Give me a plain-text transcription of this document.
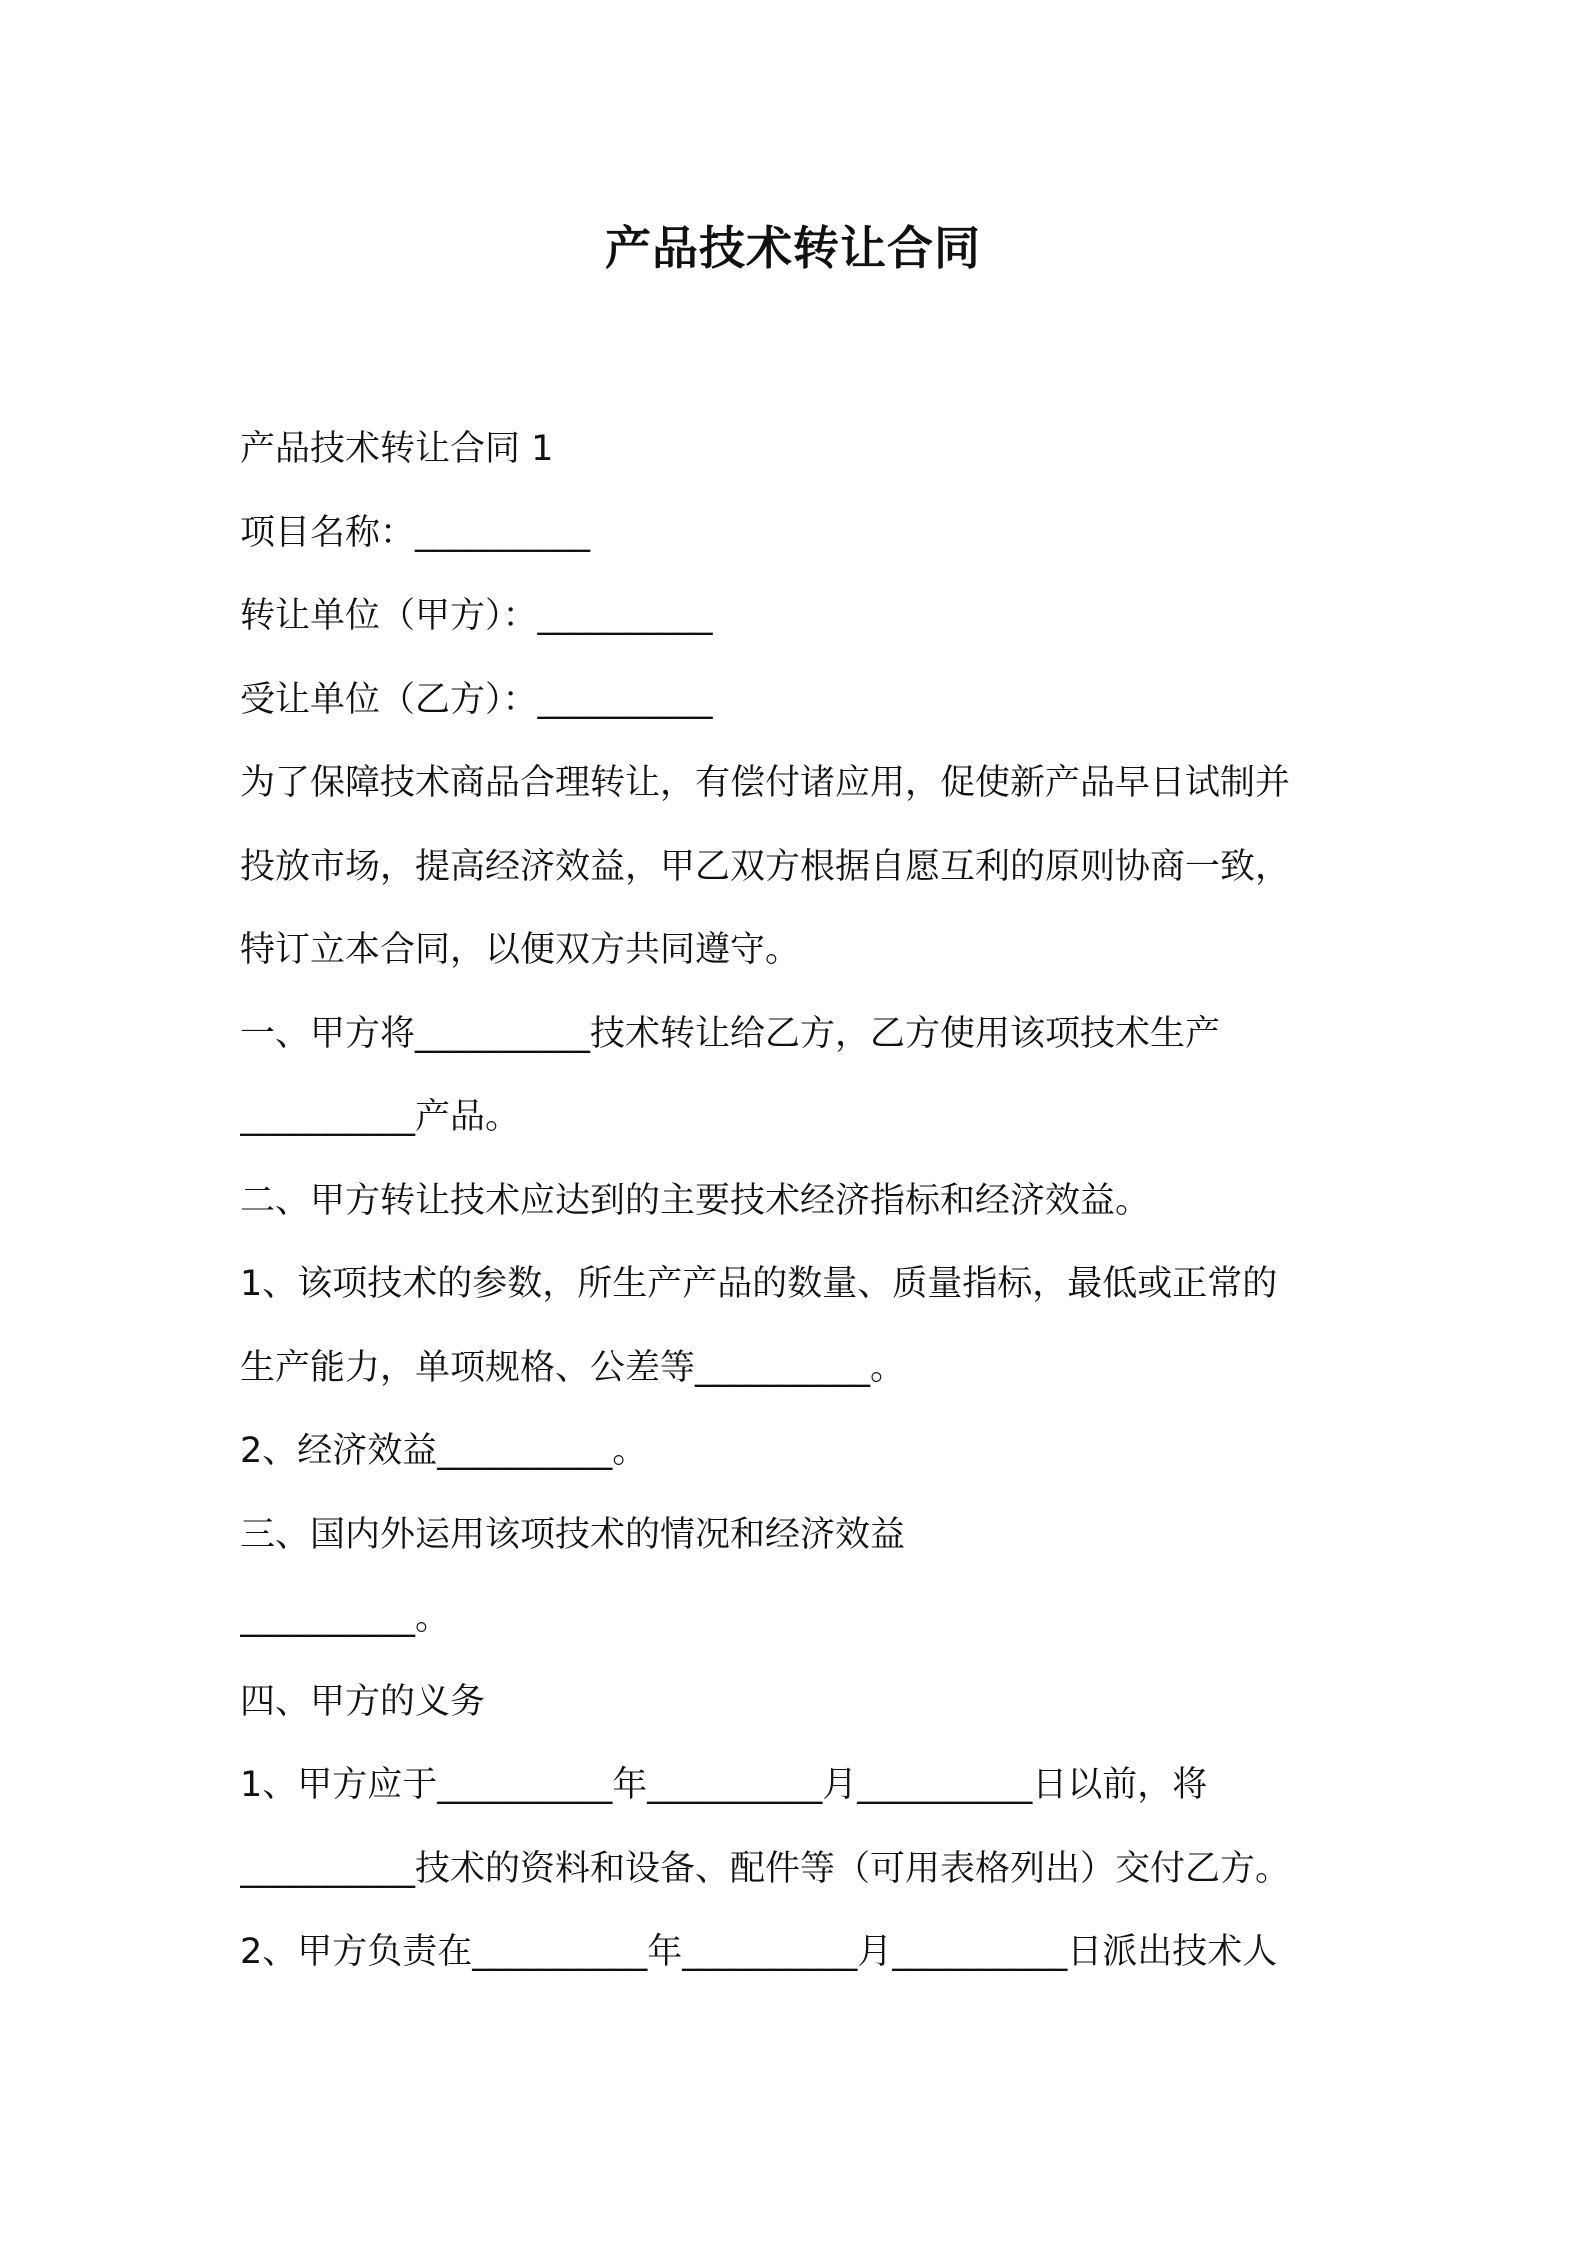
产品技术转让合同
产品技术转让合同 1
项目名称：__________
转让单位（甲方）：__________
受让单位（乙方）：__________
为了保障技术商品合理转让，有偿付诸应用，促使新产品早日试制并
投放市场，提高经济效益，甲乙双方根据自愿互利的原则协商一致，
特订立本合同，以便双方共同遵守。
一、甲方将__________技术转让给乙方，乙方使用该项技术生产
__________产品。
二、甲方转让技术应达到的主要技术经济指标和经济效益。
1、该项技术的参数，所生产产品的数量、质量指标，最低或正常的
生产能力，单项规格、公差等__________。
2、经济效益__________。
三、国内外运用该项技术的情况和经济效益
__________。
四、甲方的义务
1、甲方应于__________年__________月__________日以前，将
__________技术的资料和设备、配件等（可用表格列出）交付乙方。
2、甲方负责在__________年__________月__________日派出技术人
